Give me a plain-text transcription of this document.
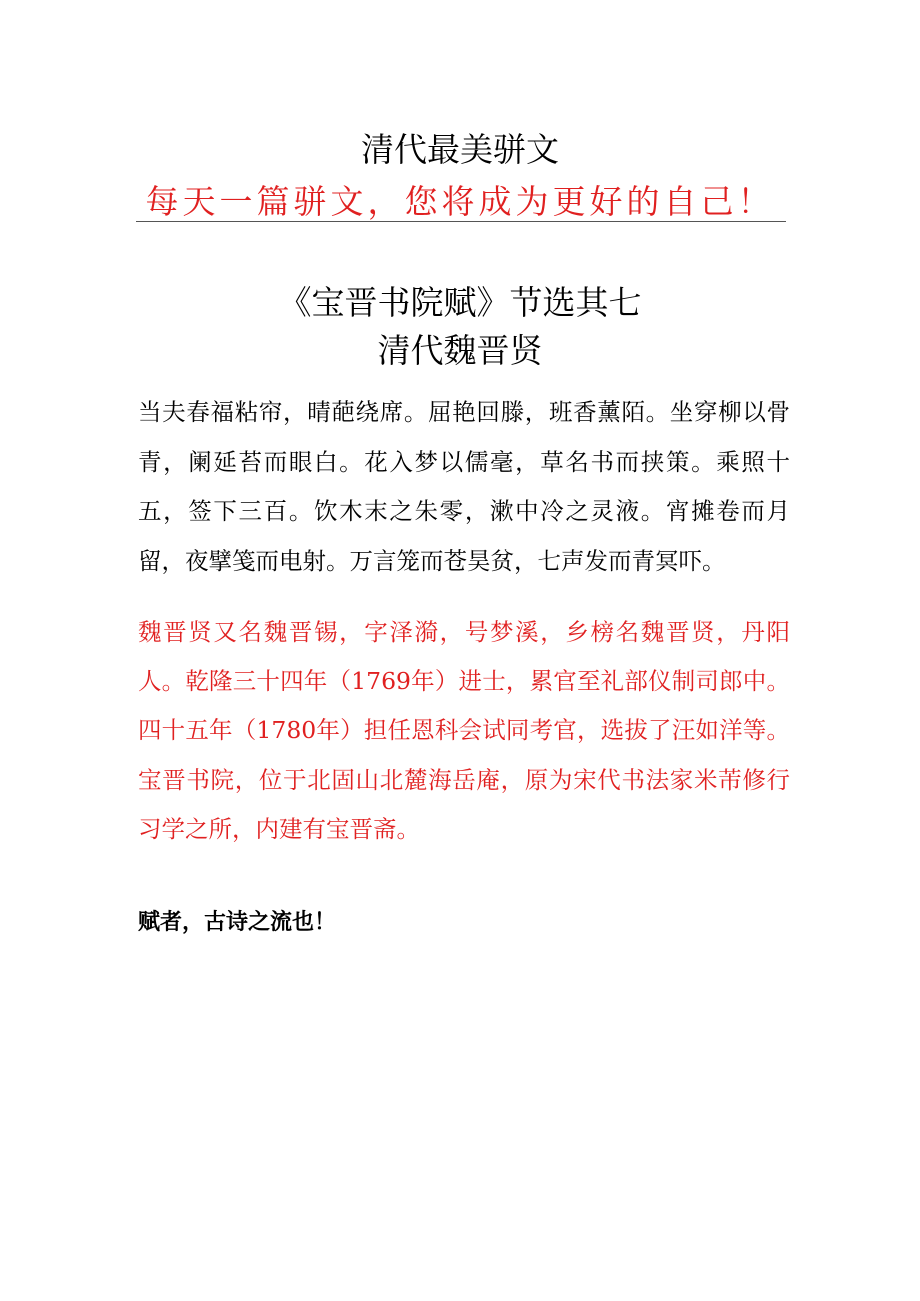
清代最美骈文
每天一篇骈文，您将成为更好的自己！
《宝晋书院赋》节选其七
清代魏晋贤

当夫春福粘帘，晴葩绕席。屈艳回滕，班香薰陌。坐穿柳以骨青，阑延苔而眼白。花入梦以儒毫，草名书而挟策。乘照十五，签下三百。饮木末之朱零，漱中冷之灵液。宵摊卷而月留，夜擘笺而电射。万言笼而苍昊贫，七声发而青冥吓。

魏晋贤又名魏晋锡，字泽漪，号梦溪，乡榜名魏晋贤，丹阳人。乾隆三十四年（1769年）进士，累官至礼部仪制司郎中。四十五年（1780年）担任恩科会试同考官，选拔了汪如洋等。宝晋书院，位于北固山北麓海岳庵，原为宋代书法家米芾修行习学之所，内建有宝晋斋。

赋者，古诗之流也！
